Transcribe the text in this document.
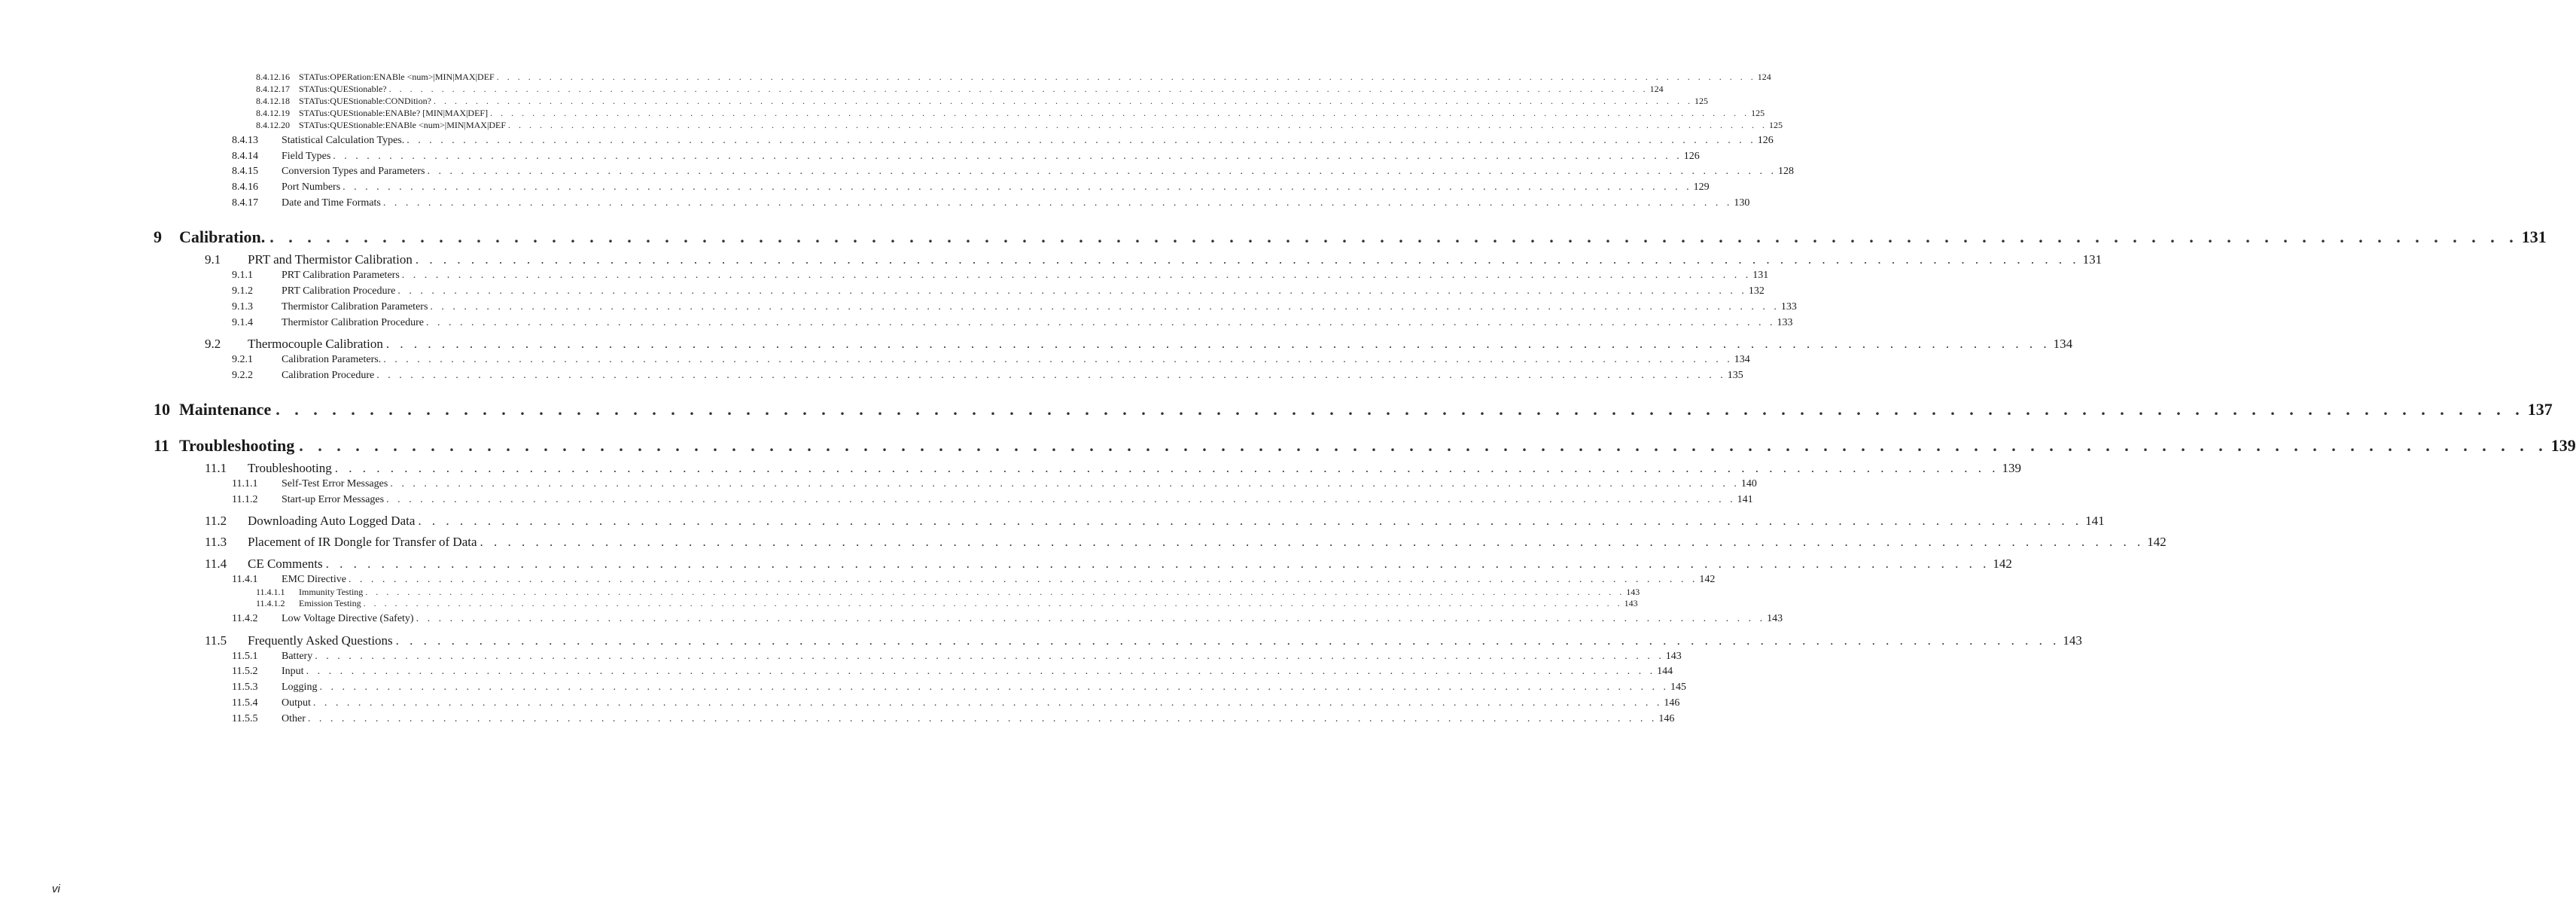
8.4.12.16	STATus:OPERation:ENABle <num>|MIN|MAX|DEF . . . . . . . . . . . . . . . . . . . . . . . . . . . . . . . . . . . . . . . . . . . . . . . . . . . . . . . . . . . . . . . . . . . . . . . . . . . . . . . . . . . . . . . . . . . . . . . . . . . . . . . . . . . . . . . . . . . . . . . . 124
8.4.12.17	STATus:QUEStionable? . . . . . . . . . . . . . . . . . . . . . . . . . . . . . . . . . . . . . . . . . . . . . . . . . . . . . . . . . . . . . . . . . . . . . . . . . . . . . . . . . . . . . . . . . . . . . . . . . . . . . . . . . . . . . . . . . . . . . . . . 124
8.4.12.18	STATus:QUEStionable:CONDition? . . . . . . . . . . . . . . . . . . . . . . . . . . . . . . . . . . . . . . . . . . . . . . . . . . . . . . . . . . . . . . . . . . . . . . . . . . . . . . . . . . . . . . . . . . . . . . . . . . . . . . . . . . . . . . . . . . . . . . . . 125
8.4.12.19	STATus:QUEStionable:ENABle? [MIN|MAX|DEF] . . . . . . . . . . . . . . . . . . . . . . . . . . . . . . . . . . . . . . . . . . . . . . . . . . . . . . . . . . . . . . . . . . . . . . . . . . . . . . . . . . . . . . . . . . . . . . . . . . . . . . . . . . . . . . . . . . . . . . . . 125
8.4.12.20	STATus:QUEStionable:ENABle <num>|MIN|MAX|DEF . . . . . . . . . . . . . . . . . . . . . . . . . . . . . . . . . . . . . . . . . . . . . . . . . . . . . . . . . . . . . . . . . . . . . . . . . . . . . . . . . . . . . . . . . . . . . . . . . . . . . . . . . . . . . . . . . . . . . . . . 125
8.4.13	Statistical Calculation Types. . . . . . . . . . . . . . . . . . . . . . . . . . . . . . . . . . . . . . . . . . . . . . . . . . . . . . . . . . . . . . . . . . . . . . . . . . . . . . . . . . . . . . . . . . . . . . . . . . . . . . . . . . . . . . . . . . . . . . . . . 126
8.4.14	Field Types . . . . . . . . . . . . . . . . . . . . . . . . . . . . . . . . . . . . . . . . . . . . . . . . . . . . . . . . . . . . . . . . . . . . . . . . . . . . . . . . . . . . . . . . . . . . . . . . . . . . . . . . . . . . . . . . . . . . . . . . 126
8.4.15	Conversion Types and Parameters . . . . . . . . . . . . . . . . . . . . . . . . . . . . . . . . . . . . . . . . . . . . . . . . . . . . . . . . . . . . . . . . . . . . . . . . . . . . . . . . . . . . . . . . . . . . . . . . . . . . . . . . . . . . . . . . . . . . . . . . 128
8.4.16	Port Numbers . . . . . . . . . . . . . . . . . . . . . . . . . . . . . . . . . . . . . . . . . . . . . . . . . . . . . . . . . . . . . . . . . . . . . . . . . . . . . . . . . . . . . . . . . . . . . . . . . . . . . . . . . . . . . . . . . . . . . . . . 129
8.4.17	Date and Time Formats . . . . . . . . . . . . . . . . . . . . . . . . . . . . . . . . . . . . . . . . . . . . . . . . . . . . . . . . . . . . . . . . . . . . . . . . . . . . . . . . . . . . . . . . . . . . . . . . . . . . . . . . . . . . . . . . . . . . . . . . 130
9	Calibration. . . . . . . . . . . . . . . . . . . . . . . . . . . . . . . . . . . . . . . . . . . . . . . . . . . . . . . . . . . . . . . . . . . . . . . . . . . . . . . . . . . . . . . . . . . . . . . . . . . . . . . . . . . . . . . . . . . . . . . . . 131
9.1	PRT and Thermistor Calibration . . . . . . . . . . . . . . . . . . . . . . . . . . . . . . . . . . . . . . . . . . . . . . . . . . . . . . . . . . . . . . . . . . . . . . . . . . . . . . . . . . . . . . . . . . . . . . . . . . . . . . . . . . . . . . . . . . . . . . . . 131
9.1.1	PRT Calibration Parameters . . . . . . . . . . . . . . . . . . . . . . . . . . . . . . . . . . . . . . . . . . . . . . . . . . . . . . . . . . . . . . . . . . . . . . . . . . . . . . . . . . . . . . . . . . . . . . . . . . . . . . . . . . . . . . . . . . . . . . . . 131
9.1.2	PRT Calibration Procedure . . . . . . . . . . . . . . . . . . . . . . . . . . . . . . . . . . . . . . . . . . . . . . . . . . . . . . . . . . . . . . . . . . . . . . . . . . . . . . . . . . . . . . . . . . . . . . . . . . . . . . . . . . . . . . . . . . . . . . . . 132
9.1.3	Thermistor Calibration Parameters . . . . . . . . . . . . . . . . . . . . . . . . . . . . . . . . . . . . . . . . . . . . . . . . . . . . . . . . . . . . . . . . . . . . . . . . . . . . . . . . . . . . . . . . . . . . . . . . . . . . . . . . . . . . . . . . . . . . . . . . 133
9.1.4	Thermistor Calibration Procedure . . . . . . . . . . . . . . . . . . . . . . . . . . . . . . . . . . . . . . . . . . . . . . . . . . . . . . . . . . . . . . . . . . . . . . . . . . . . . . . . . . . . . . . . . . . . . . . . . . . . . . . . . . . . . . . . . . . . . . . . 133
9.2	Thermocouple Calibration . . . . . . . . . . . . . . . . . . . . . . . . . . . . . . . . . . . . . . . . . . . . . . . . . . . . . . . . . . . . . . . . . . . . . . . . . . . . . . . . . . . . . . . . . . . . . . . . . . . . . . . . . . . . . . . . . . . . . . . . 134
9.2.1	Calibration Parameters. . . . . . . . . . . . . . . . . . . . . . . . . . . . . . . . . . . . . . . . . . . . . . . . . . . . . . . . . . . . . . . . . . . . . . . . . . . . . . . . . . . . . . . . . . . . . . . . . . . . . . . . . . . . . . . . . . . . . . . . . 134
9.2.2	Calibration Procedure . . . . . . . . . . . . . . . . . . . . . . . . . . . . . . . . . . . . . . . . . . . . . . . . . . . . . . . . . . . . . . . . . . . . . . . . . . . . . . . . . . . . . . . . . . . . . . . . . . . . . . . . . . . . . . . . . . . . . . . . 135
10 Maintenance . . . . . . . . . . . . . . . . . . . . . . . . . . . . . . . . . . . . . . . . . . . . . . . . . . . . . . . . . . . . . . . . . . . . . . . . . . . . . . . . . . . . . . . . . . . . . . . . . . . . . . . . . . . . . . . . . . . . . . . . 137
11 Troubleshooting . . . . . . . . . . . . . . . . . . . . . . . . . . . . . . . . . . . . . . . . . . . . . . . . . . . . . . . . . . . . . . . . . . . . . . . . . . . . . . . . . . . . . . . . . . . . . . . . . . . . . . . . . . . . . . . . . . . . . . . . 139
11.1	Troubleshooting . . . . . . . . . . . . . . . . . . . . . . . . . . . . . . . . . . . . . . . . . . . . . . . . . . . . . . . . . . . . . . . . . . . . . . . . . . . . . . . . . . . . . . . . . . . . . . . . . . . . . . . . . . . . . . . . . . . . . . . . 139
11.1.1	Self-Test Error Messages . . . . . . . . . . . . . . . . . . . . . . . . . . . . . . . . . . . . . . . . . . . . . . . . . . . . . . . . . . . . . . . . . . . . . . . . . . . . . . . . . . . . . . . . . . . . . . . . . . . . . . . . . . . . . . . . . . . . . . . . 140
11.1.2	Start-up Error Messages . . . . . . . . . . . . . . . . . . . . . . . . . . . . . . . . . . . . . . . . . . . . . . . . . . . . . . . . . . . . . . . . . . . . . . . . . . . . . . . . . . . . . . . . . . . . . . . . . . . . . . . . . . . . . . . . . . . . . . . . 141
11.2	Downloading Auto Logged Data . . . . . . . . . . . . . . . . . . . . . . . . . . . . . . . . . . . . . . . . . . . . . . . . . . . . . . . . . . . . . . . . . . . . . . . . . . . . . . . . . . . . . . . . . . . . . . . . . . . . . . . . . . . . . . . . . . . . . . . . 141
11.3	Placement of IR Dongle for Transfer of Data . . . . . . . . . . . . . . . . . . . . . . . . . . . . . . . . . . . . . . . . . . . . . . . . . . . . . . . . . . . . . . . . . . . . . . . . . . . . . . . . . . . . . . . . . . . . . . . . . . . . . . . . . . . . . . . . . . . . . . . . 142
11.4	CE Comments . . . . . . . . . . . . . . . . . . . . . . . . . . . . . . . . . . . . . . . . . . . . . . . . . . . . . . . . . . . . . . . . . . . . . . . . . . . . . . . . . . . . . . . . . . . . . . . . . . . . . . . . . . . . . . . . . . . . . . . . 142
11.4.1	EMC Directive . . . . . . . . . . . . . . . . . . . . . . . . . . . . . . . . . . . . . . . . . . . . . . . . . . . . . . . . . . . . . . . . . . . . . . . . . . . . . . . . . . . . . . . . . . . . . . . . . . . . . . . . . . . . . . . . . . . . . . . . 142
11.4.1.1	Immunity Testing . . . . . . . . . . . . . . . . . . . . . . . . . . . . . . . . . . . . . . . . . . . . . . . . . . . . . . . . . . . . . . . . . . . . . . . . . . . . . . . . . . . . . . . . . . . . . . . . . . . . . . . . . . . . . . . . . . . . . . . . 143
11.4.1.2	Emission Testing . . . . . . . . . . . . . . . . . . . . . . . . . . . . . . . . . . . . . . . . . . . . . . . . . . . . . . . . . . . . . . . . . . . . . . . . . . . . . . . . . . . . . . . . . . . . . . . . . . . . . . . . . . . . . . . . . . . . . . . . 143
11.4.2	Low Voltage Directive (Safety) . . . . . . . . . . . . . . . . . . . . . . . . . . . . . . . . . . . . . . . . . . . . . . . . . . . . . . . . . . . . . . . . . . . . . . . . . . . . . . . . . . . . . . . . . . . . . . . . . . . . . . . . . . . . . . . . . . . . . . . . 143
11.5	Frequently Asked Questions . . . . . . . . . . . . . . . . . . . . . . . . . . . . . . . . . . . . . . . . . . . . . . . . . . . . . . . . . . . . . . . . . . . . . . . . . . . . . . . . . . . . . . . . . . . . . . . . . . . . . . . . . . . . . . . . . . . . . . . . 143
11.5.1	Battery . . . . . . . . . . . . . . . . . . . . . . . . . . . . . . . . . . . . . . . . . . . . . . . . . . . . . . . . . . . . . . . . . . . . . . . . . . . . . . . . . . . . . . . . . . . . . . . . . . . . . . . . . . . . . . . . . . . . . . . . 143
11.5.2	Input . . . . . . . . . . . . . . . . . . . . . . . . . . . . . . . . . . . . . . . . . . . . . . . . . . . . . . . . . . . . . . . . . . . . . . . . . . . . . . . . . . . . . . . . . . . . . . . . . . . . . . . . . . . . . . . . . . . . . . . . 144
11.5.3	Logging . . . . . . . . . . . . . . . . . . . . . . . . . . . . . . . . . . . . . . . . . . . . . . . . . . . . . . . . . . . . . . . . . . . . . . . . . . . . . . . . . . . . . . . . . . . . . . . . . . . . . . . . . . . . . . . . . . . . . . . . 145
11.5.4	Output . . . . . . . . . . . . . . . . . . . . . . . . . . . . . . . . . . . . . . . . . . . . . . . . . . . . . . . . . . . . . . . . . . . . . . . . . . . . . . . . . . . . . . . . . . . . . . . . . . . . . . . . . . . . . . . . . . . . . . . . 146
11.5.5	Other . . . . . . . . . . . . . . . . . . . . . . . . . . . . . . . . . . . . . . . . . . . . . . . . . . . . . . . . . . . . . . . . . . . . . . . . . . . . . . . . . . . . . . . . . . . . . . . . . . . . . . . . . . . . . . . . . . . . . . . . 146
vi
